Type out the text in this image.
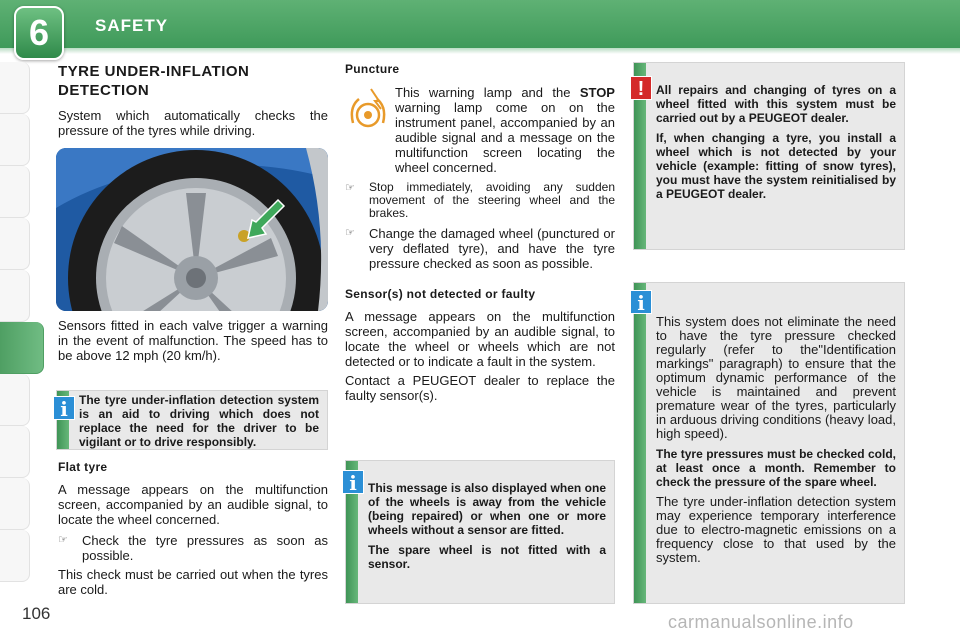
6	SAFETY
TYRE UNDER-INFLATION DETECTION

System which automatically checks the pressure of the tyres while driving.

Sensors fitted in each valve trigger a warning in the event of malfunction. The speed has to be above 12 mph (20 km/h).
The tyre under-inflation detection system is an aid to driving which does not replace the need for the driver to be vigilant or to drive responsibly.
i
Flat tyre

A message appears on the multifunction screen, accompanied by an audible signal, to locate the wheel concerned.

☞	Check the tyre pressures as soon as possible.

This check must be carried out when the tyres are cold.

Puncture
This warning lamp and the STOP warning lamp come on on the instrument panel, accompanied by an audible signal and a message on the multifunction screen locating the wheel concerned.
☞	Stop immediately, avoiding any sudden movement of the steering wheel and the brakes.
☞	Change the damaged wheel (punctured or very deflated tyre), and have the tyre pressure checked as soon as possible.
Sensor(s) not detected or faulty

A message appears on the multifunction screen, accompanied by an audible signal, to locate the wheel or wheels which are not detected or to indicate a fault in the system.

Contact a PEUGEOT dealer to replace the faulty sensor(s).

This message is also displayed when one of the wheels is away from the vehicle (being repaired) or when one or more wheels without a sensor are fitted.
The spare wheel is not fitted with a sensor.
i
All repairs and changing of tyres on a wheel fitted with this system must be carried out by a PEUGEOT dealer.
If, when changing a tyre, you install a wheel which is not detected by your vehicle (example: fitting of snow tyres), you must have the system reinitialised by a PEUGEOT dealer.
!
This system does not eliminate the need to have the tyre pressure checked regularly (refer to the"Identification markings" paragraph) to ensure that the optimum dynamic performance of the vehicle is maintained and prevent premature wear of the tyres, particularly in arduous driving conditions (heavy load, high speed).
The tyre pressures must be checked cold, at least once a month. Remember to check the pressure of the spare wheel.
The tyre under-inflation detection system may experience temporary interference due to electro-magnetic emissions on a frequency close to that used by the system.
i
106	carmanualsonline.info
